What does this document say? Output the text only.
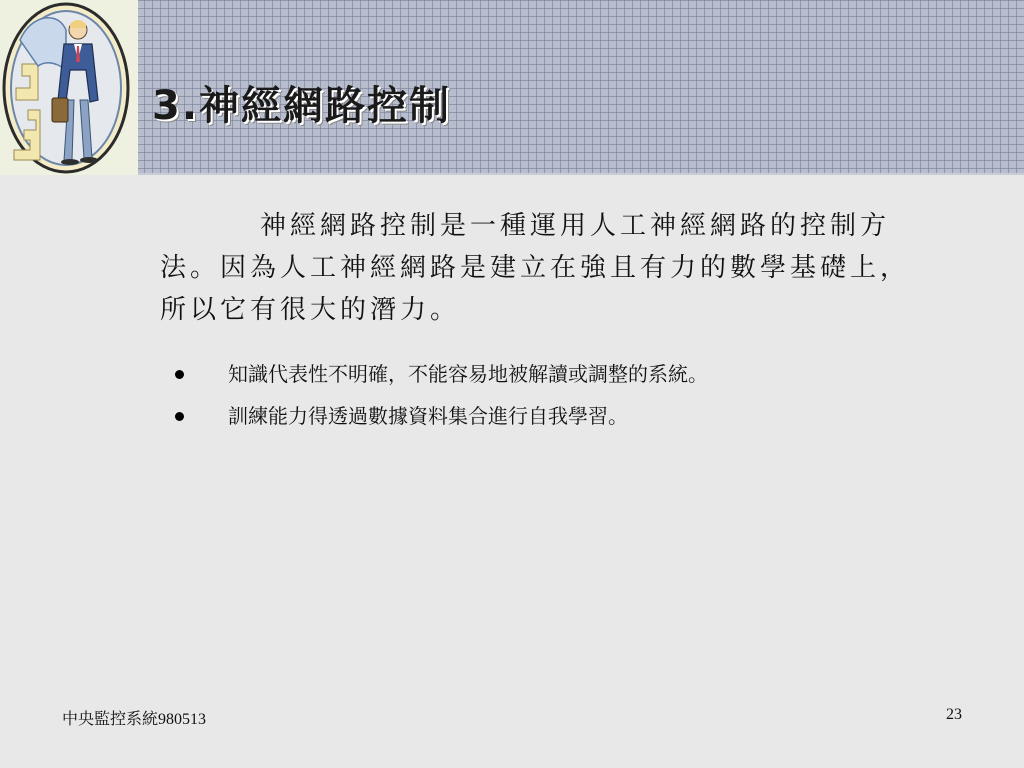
3.神經網路控制

神經網路控制是一種運用人工神經網路的控制方法。因為人工神經網路是建立在強且有力的數學基礎上，所以它有很大的潛力。

知識代表性不明確，不能容易地被解讀或調整的系統。
訓練能力得透過數據資料集合進行自我學習。
中央監控系統980513	23
